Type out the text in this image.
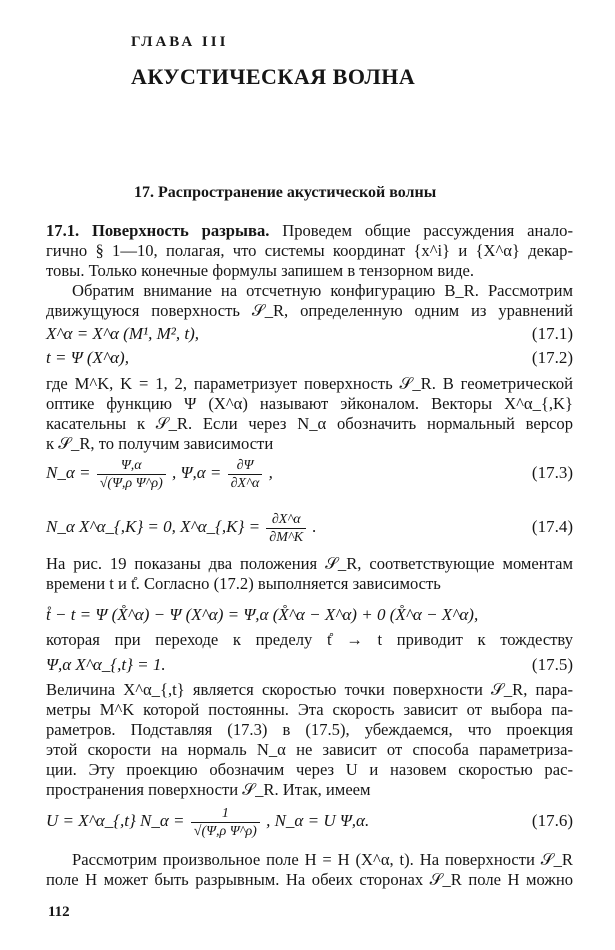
ГЛАВА III
АКУСТИЧЕСКАЯ ВОЛНА
17. Распространение акустической волны
17.1. Поверхность разрыва. Проведем общие рассуждения анало-
гично § 1—10, полагая, что системы координат {x^i} и {X^α} декар-
товы. Только конечные формулы запишем в тензорном виде.
Обратим внимание на отсчетную конфигурацию B_R. Рассмотрим
движущуюся поверхность 𝒮_R, определенную одним из уравнений
X^α = X^α (M¹, M², t),	(17.1)
t = Ψ (X^α),	(17.2)
где M^K, K = 1, 2, параметризует поверхность 𝒮_R. В геометрической
оптике функцию Ψ (X^α) называют эйконалом. Векторы X^α_{,K}
касательны к 𝒮_R. Если через N_α обозначить нормальный версор
к 𝒮_R, то получим зависимости
N_α = $\frac{\Psi,\alpha}{\text{√(Ψ,ρ Ψ\textasciicircum{}ρ)}}$ , $\Psi,\alpha = \frac{\partial\Psi}{\partial X\^{}\alpha}$ ,	(17.3)
N_α X^α_{,K} = 0, X^α_{,K} = $\frac{\partial X\^{}\alpha}{\partial M\^{}K}$ .	(17.4)
На рис. 19 показаны два положения 𝒮_R, соответствующие моментам
времени t и t̊. Согласно (17.2) выполняется зависимость
t̊ − t = Ψ (X̊^α) − Ψ (X^α) = Ψ,α (X̊^α − X^α) + 0 (X̊^α − X^α),
которая при переходе к пределу t̊ → t приводит к тождеству
Ψ,α X^α_{,t} = 1.	(17.5)
Величина X^α_{,t} является скоростью точки поверхности 𝒮_R, пара-
метры M^K которой постоянны. Эта скорость зависит от выбора па-
раметров. Подставляя (17.3) в (17.5), убеждаемся, что проекция
этой скорости на нормаль N_α не зависит от способа параметриза-
ции. Эту проекцию обозначим через U и назовем скоростью рас-
пространения поверхности 𝒮_R. Итак, имеем
U = X^α_{,t} N_α = $\frac{1}{\text{√(Ψ,ρ Ψ\textasciicircum{}ρ)}}$ , N_α = U Ψ,α.	(17.6)
Рассмотрим произвольное поле H = H (X^α, t). На поверхности 𝒮_R
поле H может быть разрывным. На обеих сторонах 𝒮_R поле H можно
112
